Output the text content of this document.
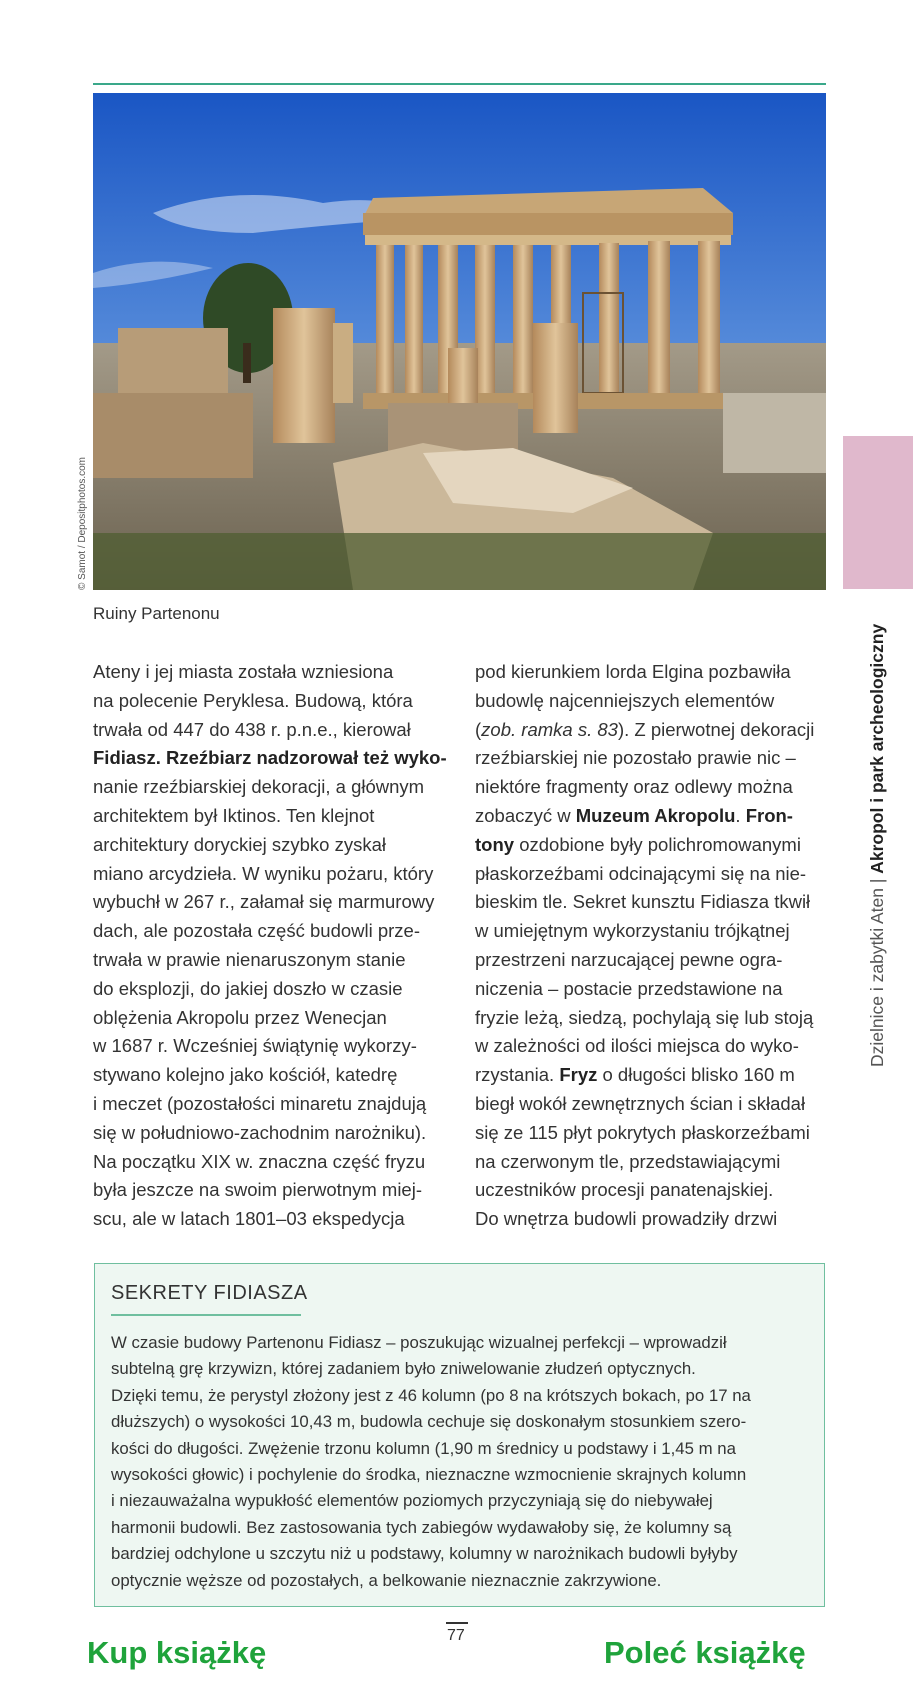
© Samot / Depositphotos.com
Ruiny Partenonu
Ateny i jej miasta została wzniesiona
na polecenie Peryklesa. Budową, która
trwała od 447 do 438 r. p.n.e., kierował
Fidiasz. Rzeźbiarz nadzorował też wyko-
nanie rzeźbiarskiej dekoracji, a głównym
architektem był Iktinos. Ten klejnot
architektury doryckiej szybko zyskał
miano arcydzieła. W wyniku pożaru, który
wybuchł w 267 r., załamał się marmurowy
dach, ale pozostała część budowli prze-
trwała w prawie nienaruszonym stanie
do eksplozji, do jakiej doszło w czasie
oblężenia Akropolu przez Wenecjan
w 1687 r. Wcześniej świątynię wykorzy-
stywano kolejno jako kościół, katedrę
i meczet (pozostałości minaretu znajdują
się w południowo-zachodnim narożniku).
Na początku XIX w. znaczna część fryzu
była jeszcze na swoim pierwotnym miej-
scu, ale w latach 1801–03 ekspedycja
pod kierunkiem lorda Elgina pozbawiła
budowlę najcenniejszych elementów
(zob. ramka s. 83). Z pierwotnej dekoracji
rzeźbiarskiej nie pozostało prawie nic –
niektóre fragmenty oraz odlewy można
zobaczyć w Muzeum Akropolu. Fron-
tony ozdobione były polichromowanymi
płaskorzeźbami odcinającymi się na nie-
bieskim tle. Sekret kunsztu Fidiasza tkwił
w umiejętnym wykorzystaniu trójkątnej
przestrzeni narzucającej pewne ogra-
niczenia – postacie przedstawione na
fryzie leżą, siedzą, pochylają się lub stoją
w zależności od ilości miejsca do wyko-
rzystania. Fryz o długości blisko 160 m
biegł wokół zewnętrznych ścian i składał
się ze 115 płyt pokrytych płaskorzeźbami
na czerwonym tle, przedstawiającymi
uczestników procesji panatenajskiej.
Do wnętrza budowli prowadziły drzwi
Dzielnice i zabytki Aten | Akropol i park archeologiczny
SEKRETY FIDIASZA
W czasie budowy Partenonu Fidiasz – poszukując wizualnej perfekcji – wprowadził
subtelną grę krzywizn, której zadaniem było zniwelowanie złudzeń optycznych.
Dzięki temu, że perystyl złożony jest z 46 kolumn (po 8 na krótszych bokach, po 17 na
dłuższych) o wysokości 10,43 m, budowla cechuje się doskonałym stosunkiem szero-
kości do długości. Zwężenie trzonu kolumn (1,90 m średnicy u podstawy i 1,45 m na
wysokości głowic) i pochylenie do środka, nieznaczne wzmocnienie skrajnych kolumn
i niezauważalna wypukłość elementów poziomych przyczyniają się do niebywałej
harmonii budowli. Bez zastosowania tych zabiegów wydawałoby się, że kolumny są
bardziej odchylone u szczytu niż u podstawy, kolumny w narożnikach budowli byłyby
optycznie węższe od pozostałych, a belkowanie nieznacznie zakrzywione.
77
Kup książkę	Poleć książkę
